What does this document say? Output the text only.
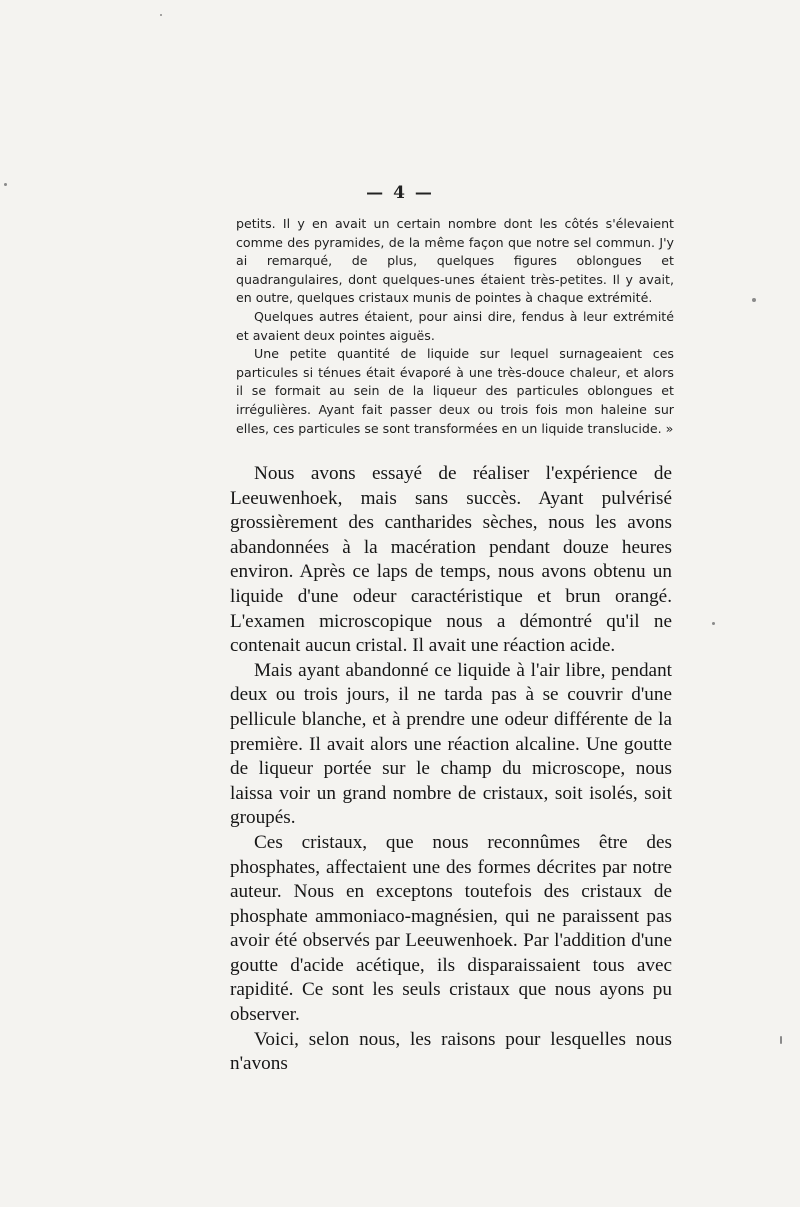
— 4 —

petits. Il y en avait un certain nombre dont les côtés s'élevaient comme des pyramides, de la même façon que notre sel commun. J'y ai remarqué, de plus, quelques figures oblongues et quadrangulaires, dont quelques-unes étaient très-petites. Il y avait, en outre, quelques cristaux munis de pointes à chaque extrémité.

Quelques autres étaient, pour ainsi dire, fendus à leur extrémité et avaient deux pointes aiguës.

Une petite quantité de liquide sur lequel surnageaient ces particules si ténues était évaporé à une très-douce chaleur, et alors il se formait au sein de la liqueur des particules oblongues et irrégulières. Ayant fait passer deux ou trois fois mon haleine sur elles, ces particules se sont transformées en un liquide translucide. »

Nous avons essayé de réaliser l'expérience de Leeuwenhoek, mais sans succès. Ayant pulvérisé grossièrement des cantharides sèches, nous les avons abandonnées à la macération pendant douze heures environ. Après ce laps de temps, nous avons obtenu un liquide d'une odeur caractéristique et brun orangé. L'examen microscopique nous a démontré qu'il ne contenait aucun cristal. Il avait une réaction acide.

Mais ayant abandonné ce liquide à l'air libre, pendant deux ou trois jours, il ne tarda pas à se couvrir d'une pellicule blanche, et à prendre une odeur différente de la première. Il avait alors une réaction alcaline. Une goutte de liqueur portée sur le champ du microscope, nous laissa voir un grand nombre de cristaux, soit isolés, soit groupés.

Ces cristaux, que nous reconnûmes être des phosphates, affectaient une des formes décrites par notre auteur. Nous en exceptons toutefois des cristaux de phosphate ammoniaco-magnésien, qui ne paraissent pas avoir été observés par Leeuwenhoek. Par l'addition d'une goutte d'acide acétique, ils disparaissaient tous avec rapidité. Ce sont les seuls cristaux que nous ayons pu observer.

Voici, selon nous, les raisons pour lesquelles nous n'avons
